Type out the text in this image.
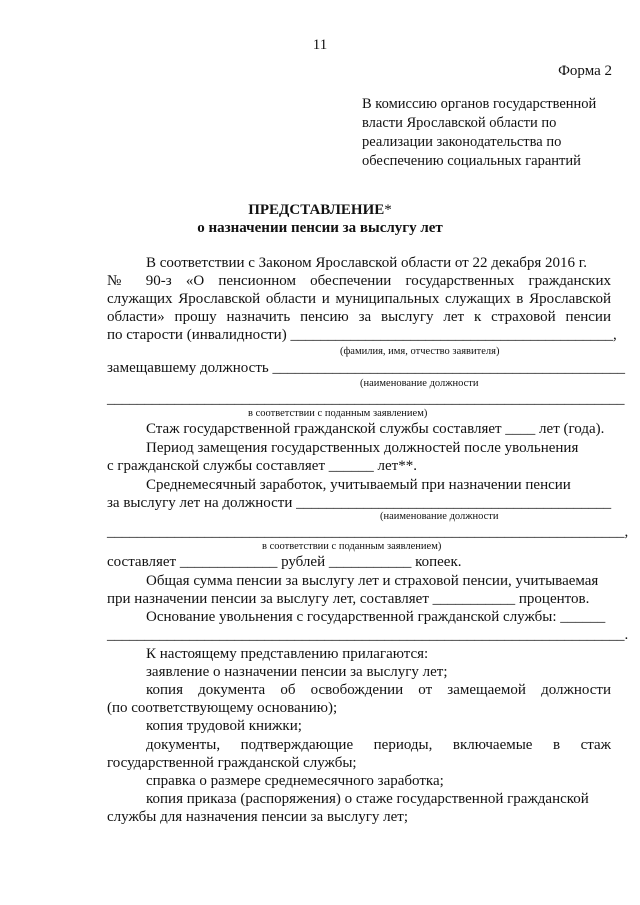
11
Форма 2
В комиссию органов государственной
власти Ярославской области по
реализации законодательства по
обеспечению социальных гарантий
ПРЕДСТАВЛЕНИЕ*
о назначении пенсии за выслугу лет
В соответствии с Законом Ярославской области от 22 декабря 2016 г.
№ 90-з «О пенсионном обеспечении государственных гражданских
служащих Ярославской области и муниципальных служащих в Ярославской
области» прошу назначить пенсию за выслугу лет к страховой пенсии
по старости (инвалидности) ___________________________________________,
(фамилия, имя, отчество заявителя)
замещавшему должность _______________________________________________
(наименование должности
_____________________________________________________________________
в соответствии с поданным заявлением)
Стаж государственной гражданской службы составляет ____ лет (года).
Период замещения государственных должностей после увольнения
с гражданской службы составляет ______ лет**.
Среднемесячный заработок, учитываемый при назначении пенсии
за выслугу лет на должности __________________________________________
(наименование должности
_____________________________________________________________________,
в соответствии с поданным заявлением)
составляет _____________ рублей ___________ копеек.
Общая сумма пенсии за выслугу лет и страховой пенсии, учитываемая
при назначении пенсии за выслугу лет, составляет ___________ процентов.
Основание увольнения с государственной гражданской службы: ______
_____________________________________________________________________.
К настоящему представлению прилагаются:
заявление о назначении пенсии за выслугу лет;
копия документа об освобождении от замещаемой должности
(по соответствующему основанию);
копия трудовой книжки;
документы, подтверждающие периоды, включаемые в стаж
государственной гражданской службы;
справка о размере среднемесячного заработка;
копия приказа (распоряжения) о стаже государственной гражданской
службы для назначения пенсии за выслугу лет;
